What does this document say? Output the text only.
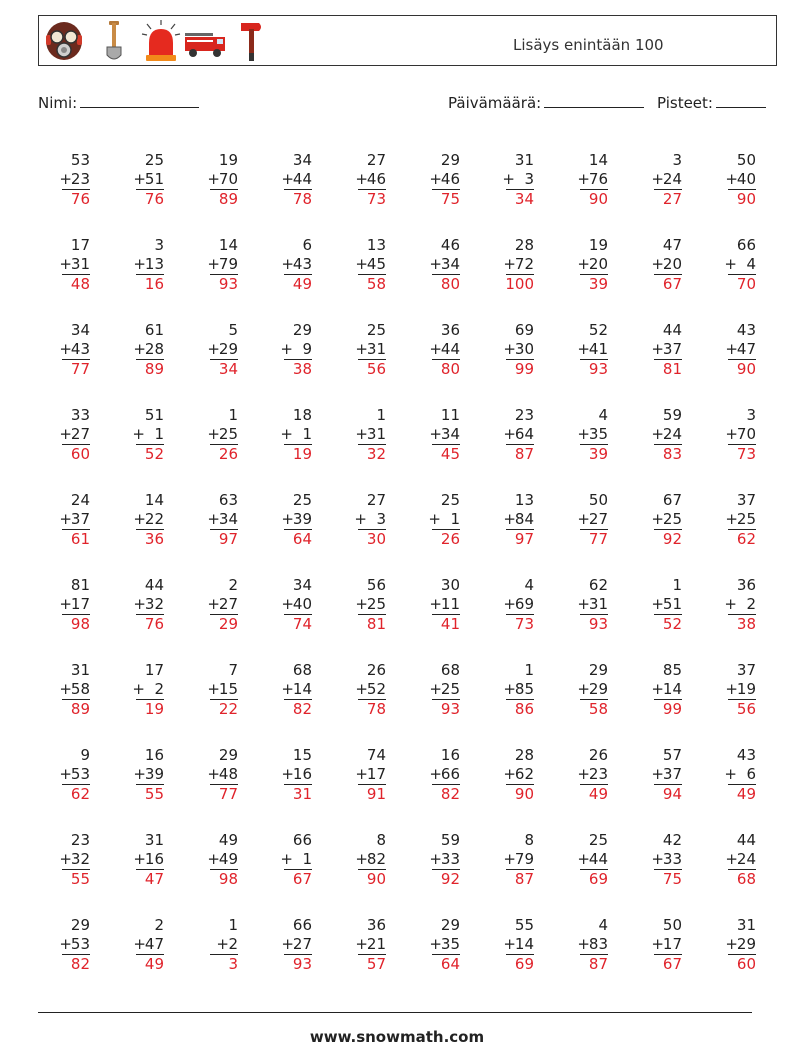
Lisäys enintään 100
Nimi:	Päivämäärä:	Pisteet:
53
+
23
76
25
+
51
76
19
+
70
89
34
+
44
78
27
+
46
73
29
+
46
75
31
+ 3
34
14
+
76
90
3
+
24
27
50
+
40
90
17
+
31
48
3
+
13
16
14
+
79
93
6
+
43
49
13
+
45
58
46
+
34
80
28
+
72
100
19
+
20
39
47
+
20
67
66
+ 4
70
34
+
43
77
61
+
28
89
5
+
29
34
29
+ 9
38
25
+
31
56
36
+
44
80
69
+
30
99
52
+
41
93
44
+
37
81
43
+
47
90
33
+
27
60
51
+ 1
52
1
+
25
26
18
+ 1
19
1
+
31
32
11
+
34
45
23
+
64
87
4
+
35
39
59
+
24
83
3
+
70
73
24
+
37
61
14
+
22
36
63
+
34
97
25
+
39
64
27
+ 3
30
25
+ 1
26
13
+
84
97
50
+
27
77
67
+
25
92
37
+
25
62
81
+
17
98
44
+
32
76
2
+
27
29
34
+
40
74
56
+
25
81
30
+
11
41
4
+
69
73
62
+
31
93
1
+
51
52
36
+ 2
38
31
+
58
89
17
+ 2
19
7
+
15
22
68
+
14
82
26
+
52
78
68
+
25
93
1
+
85
86
29
+
29
58
85
+
14
99
37
+
19
56
9
+
53
62
16
+
39
55
29
+
48
77
15
+
16
31
74
+
17
91
16
+
66
82
28
+
62
90
26
+
23
49
57
+
37
94
43
+ 6
49
23
+
32
55
31
+
16
47
49
+
49
98
66
+ 1
67
8
+
82
90
59
+
33
92
8
+
79
87
25
+
44
69
42
+
33
75
44
+
24
68
29
+
53
82
2
+
47
49
1
+ 2
3
66
+
27
93
36
+
21
57
29
+
35
64
55
+
14
69
4
+
83
87
50
+
17
67
31
+
29
60
www.snowmath.com
